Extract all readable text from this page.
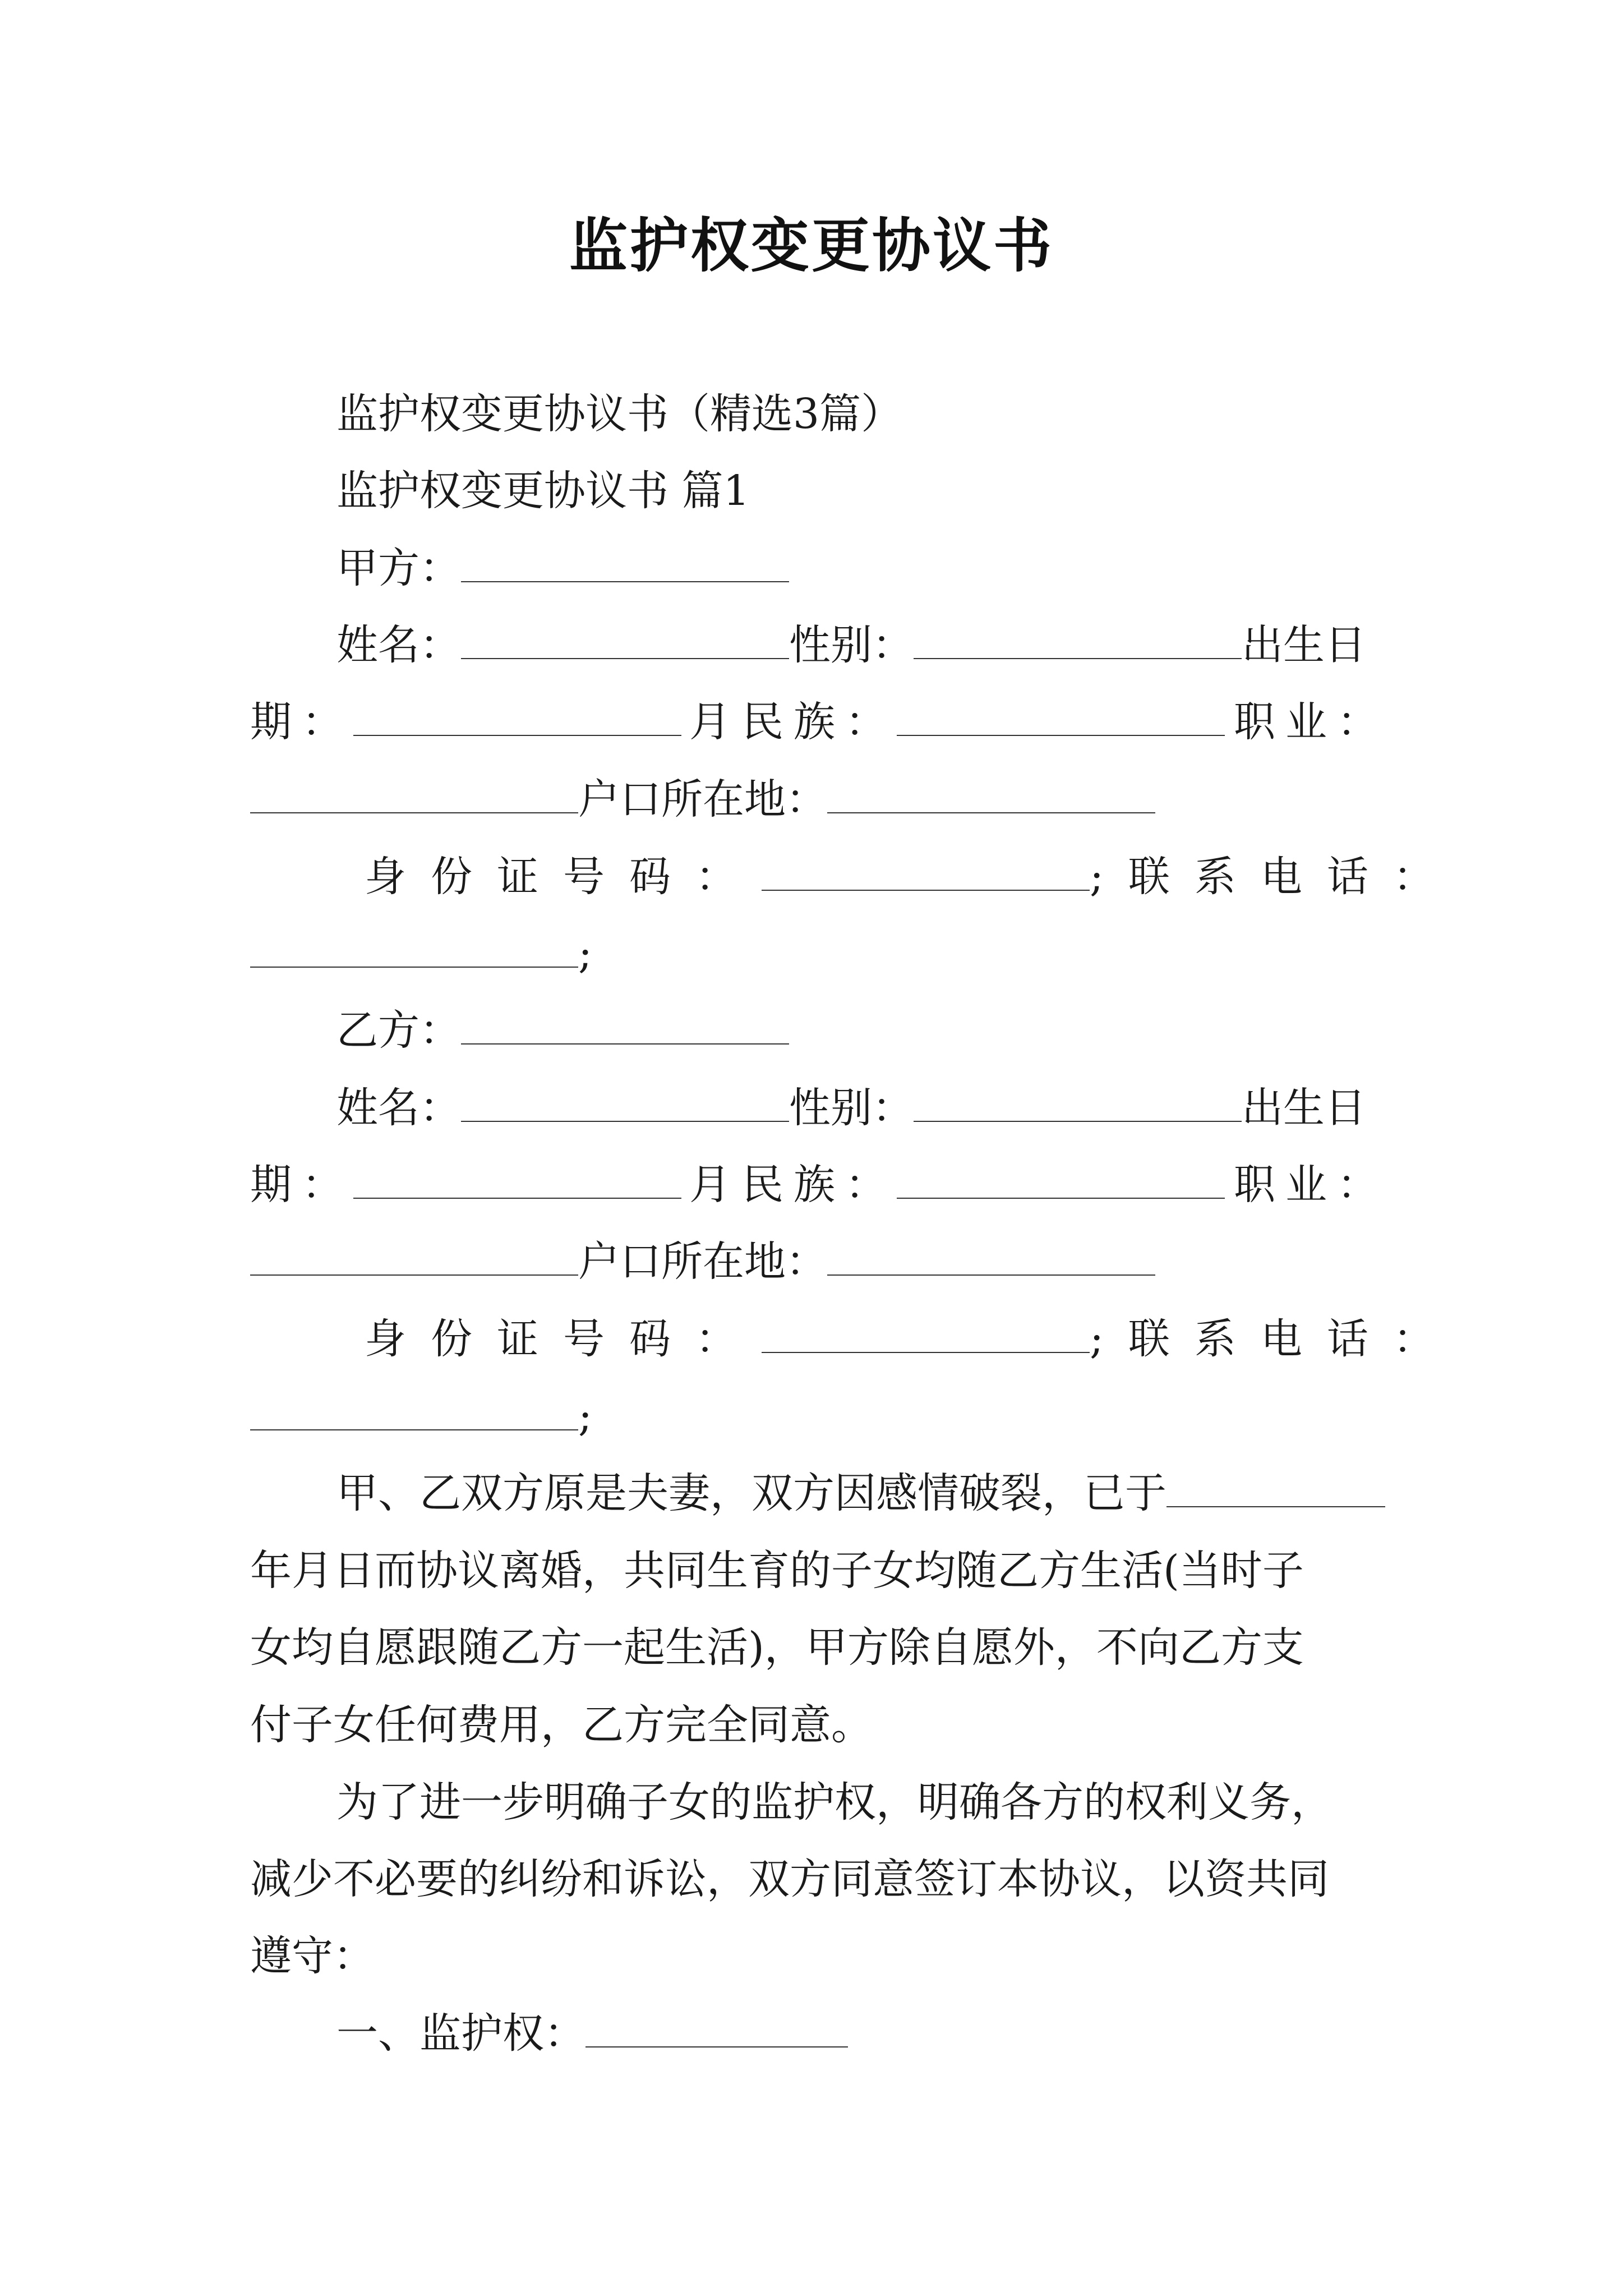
监护权变更协议书
监护权变更协议书（精选3篇）
监护权变更协议书 篇1
甲方：
姓名：	性别：	出生日
期：	月 民族：	职业：
户口所在地：
身份证号码：	;联系电话：
;
乙方：
姓名：	性别：	出生日
期：	月 民族：	职业：
户口所在地：
身份证号码：	;联系电话：
;
甲、乙双方原是夫妻，双方因感情破裂，已于
年月日而协议离婚，共同生育的子女均随乙方生活(当时子
女均自愿跟随乙方一起生活)，甲方除自愿外，不向乙方支
付子女任何费用，乙方完全同意。
为了进一步明确子女的监护权，明确各方的权利义务，
减少不必要的纠纷和诉讼，双方同意签订本协议，以资共同
遵守：
一、监护权：
